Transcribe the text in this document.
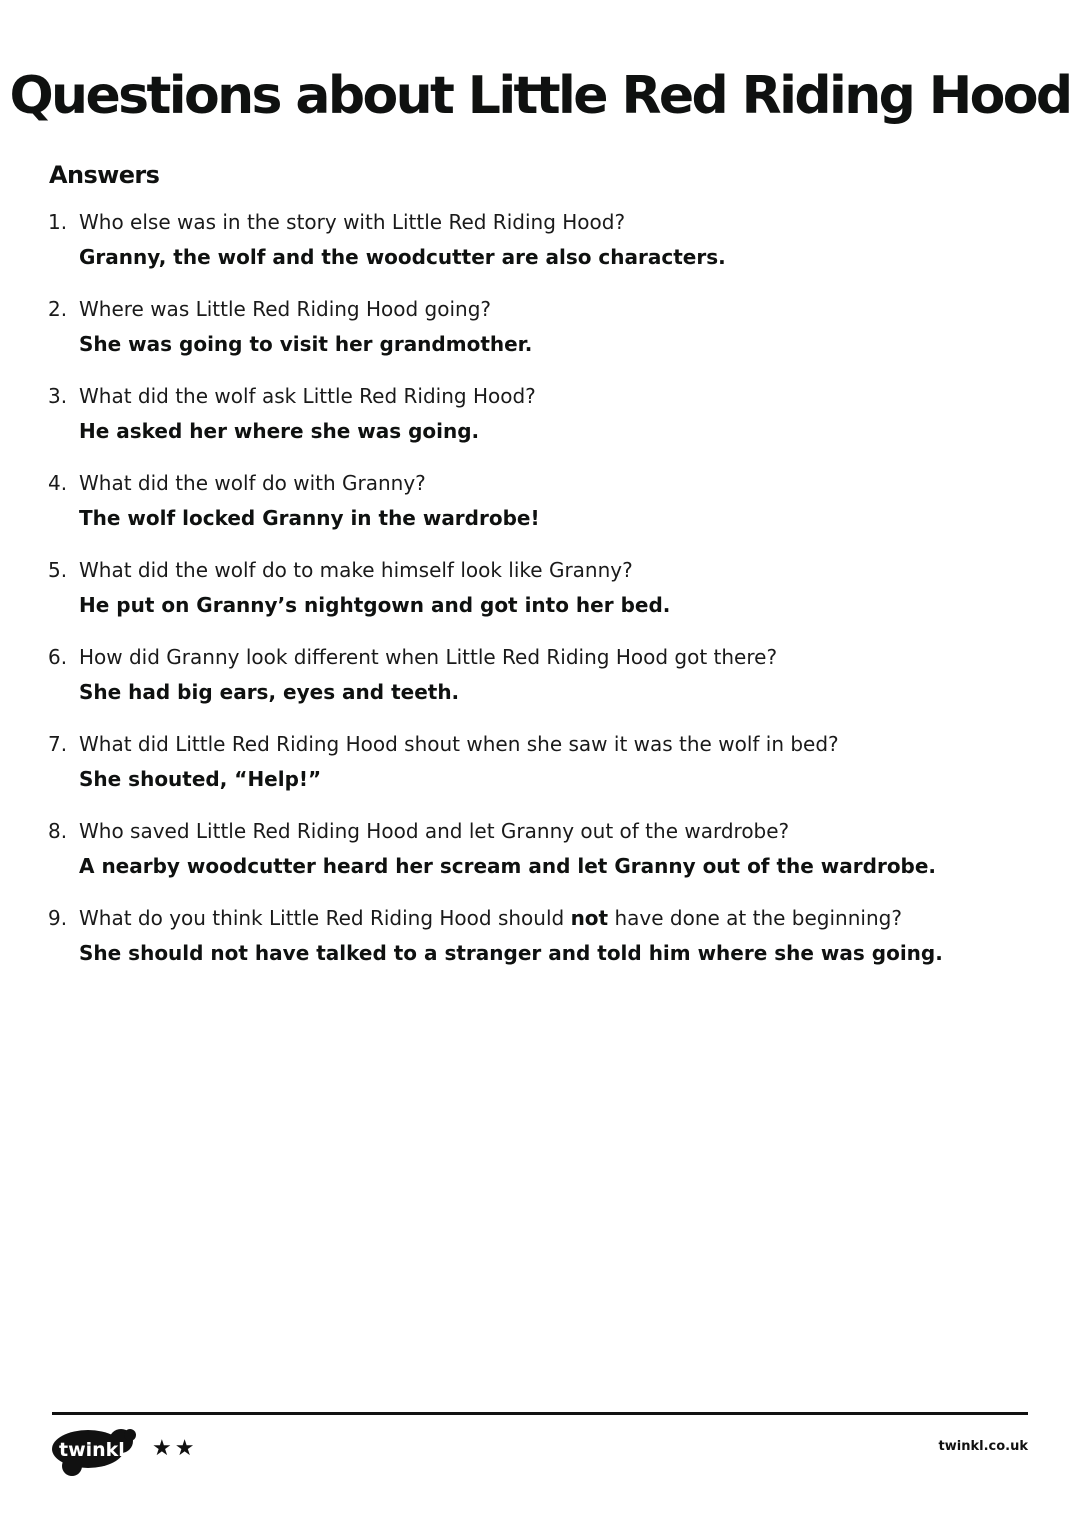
Questions about Little Red Riding Hood
Answers
1. Who else was in the story with Little Red Riding Hood?
Granny, the wolf and the woodcutter are also characters.
2. Where was Little Red Riding Hood going?
She was going to visit her grandmother.
3. What did the wolf ask Little Red Riding Hood?
He asked her where she was going.
4. What did the wolf do with Granny?
The wolf locked Granny in the wardrobe!
5. What did the wolf do to make himself look like Granny?
He put on Granny’s nightgown and got into her bed.
6. How did Granny look different when Little Red Riding Hood got there?
She had big ears, eyes and teeth.
7. What did Little Red Riding Hood shout when she saw it was the wolf in bed?
She shouted, “Help!”
8. Who saved Little Red Riding Hood and let Granny out of the wardrobe?
A nearby woodcutter heard her scream and let Granny out of the wardrobe.
9. What do you think Little Red Riding Hood should not have done at the beginning?
She should not have talked to a stranger and told him where she was going.
twinkl ★★	twinkl.co.uk
